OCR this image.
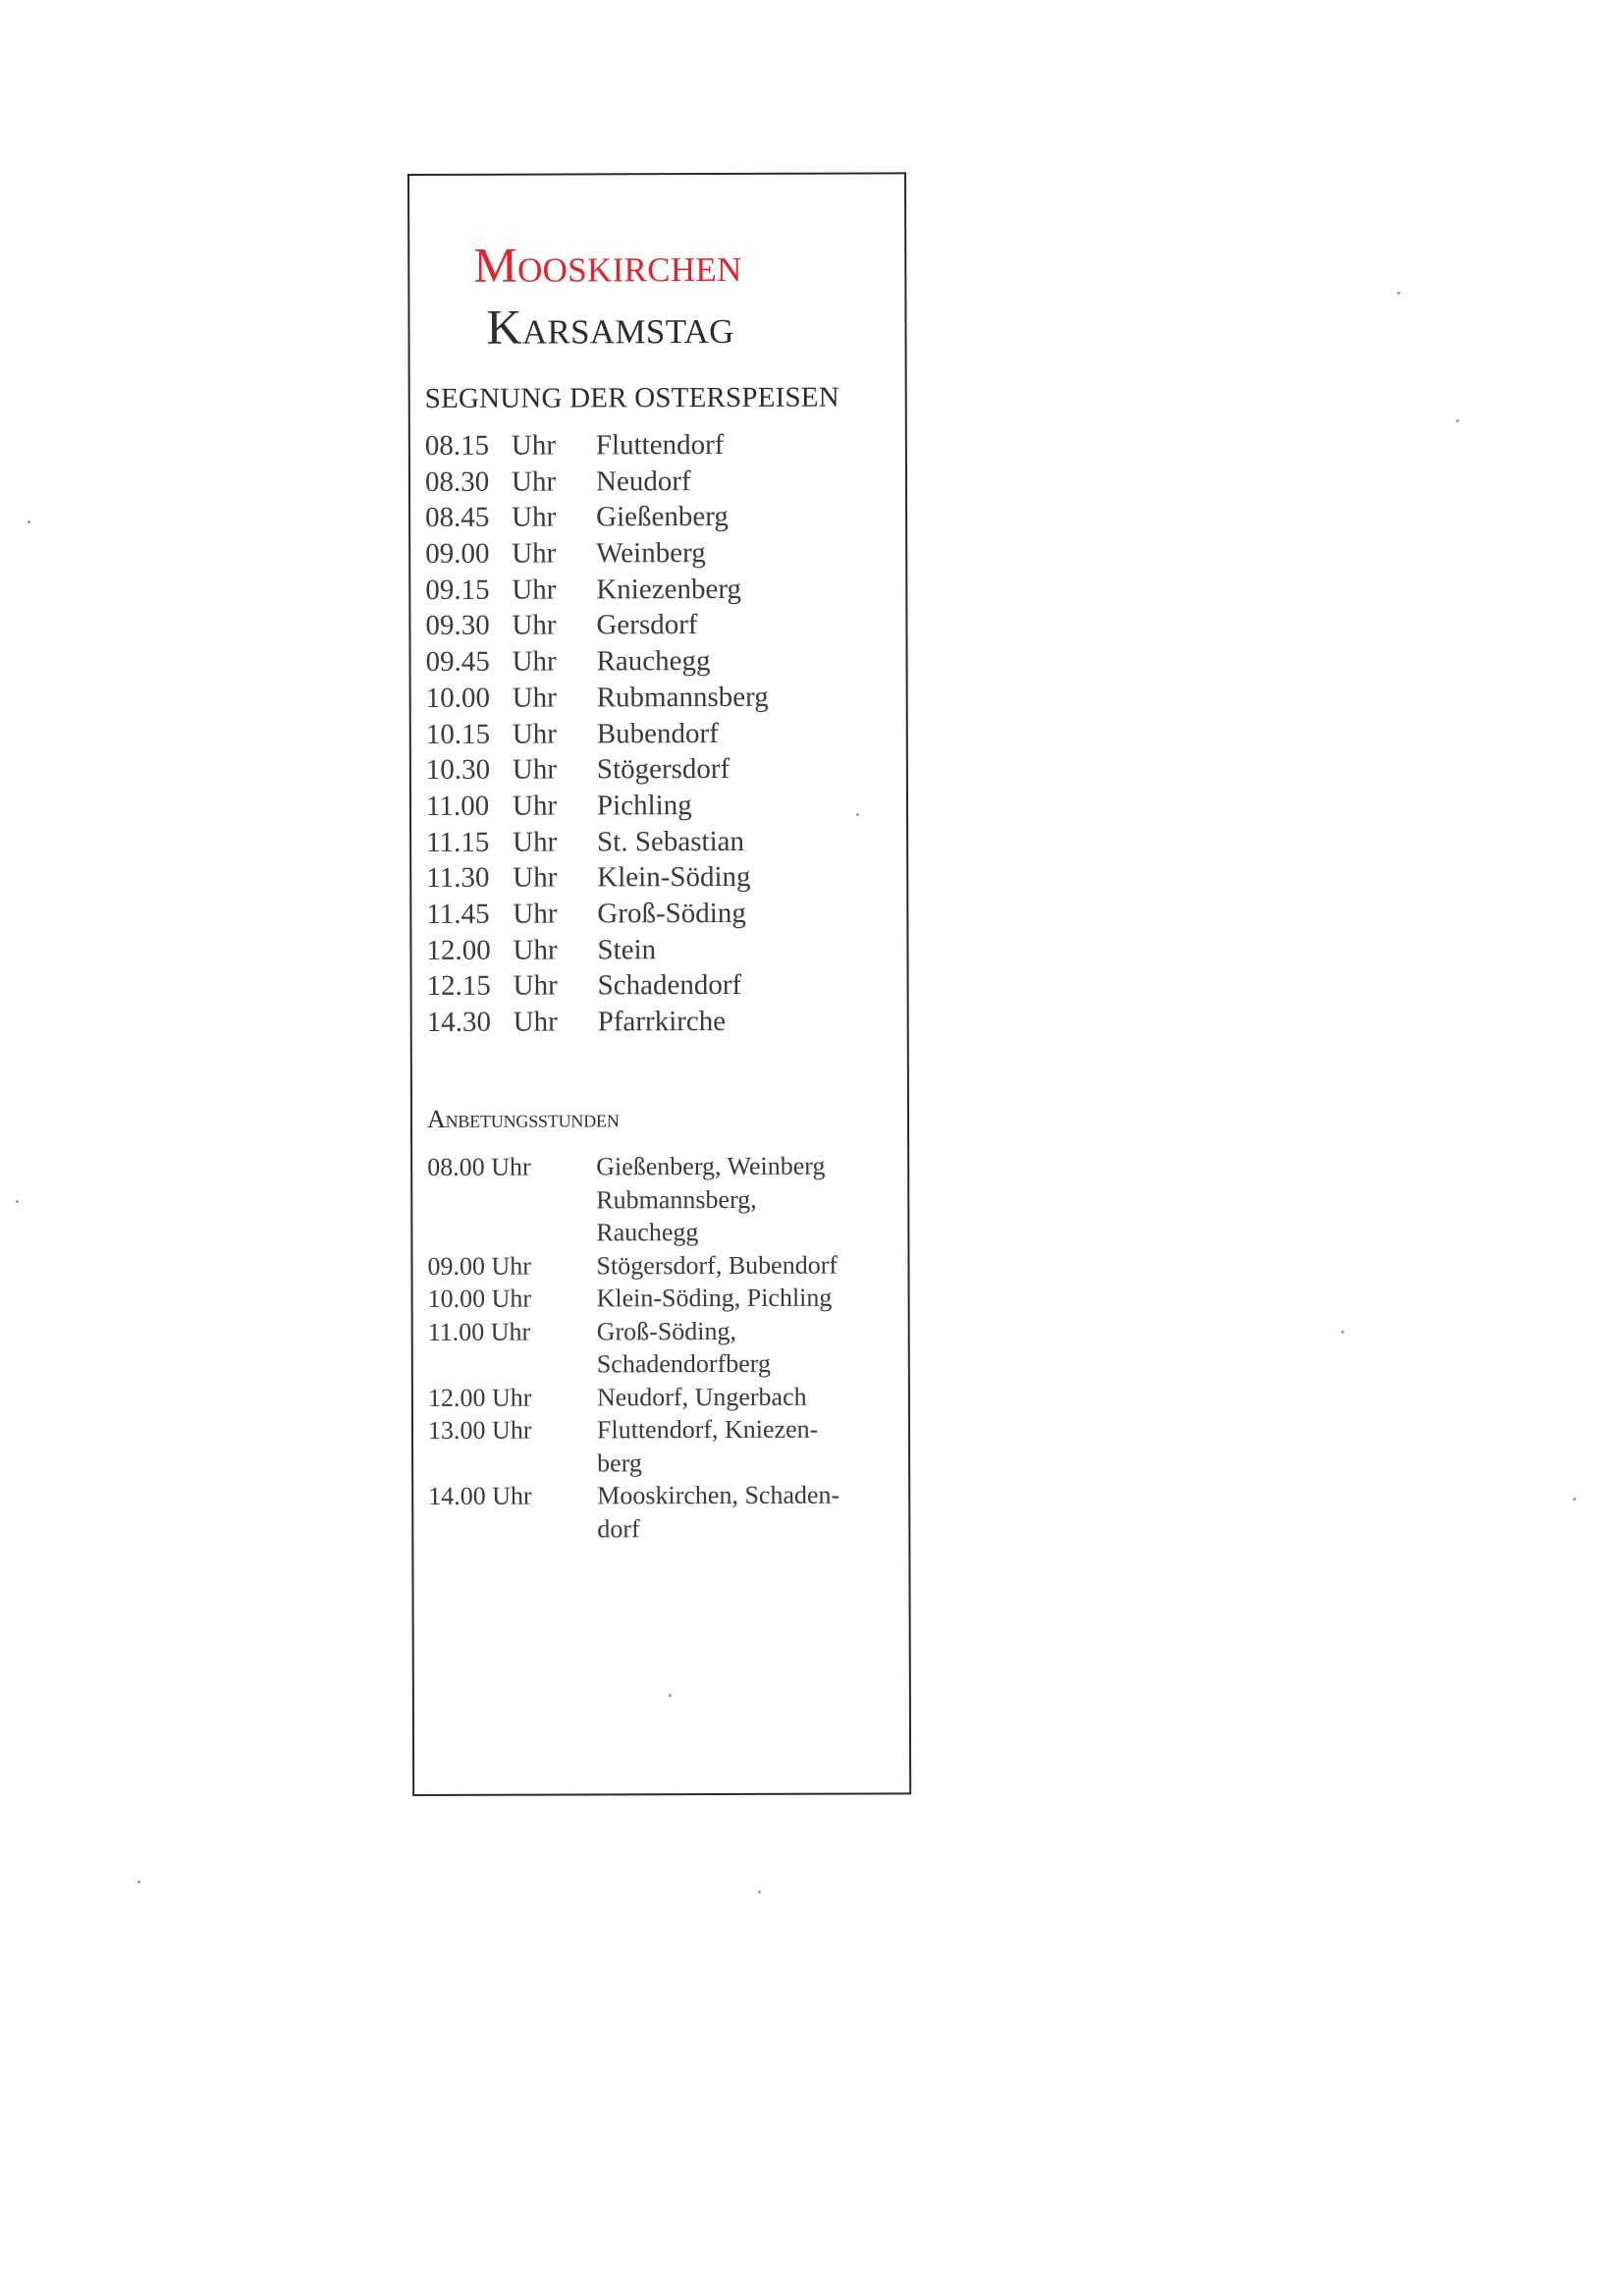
Mooskirchen
Karsamstag
SEGNUNG DER OSTERSPEISEN
08.15 Uhr Fluttendorf
08.30 Uhr Neudorf
08.45 Uhr Gießenberg
09.00 Uhr Weinberg
09.15 Uhr Kniezenberg
09.30 Uhr Gersdorf
09.45 Uhr Rauchegg
10.00 Uhr Rubmannsberg
10.15 Uhr Bubendorf
10.30 Uhr Stögersdorf
11.00 Uhr Pichling
11.15 Uhr St. Sebastian
11.30 Uhr Klein-Söding
11.45 Uhr Groß-Söding
12.00 Uhr Stein
12.15 Uhr Schadendorf
14.30 Uhr Pfarrkirche
Anbetungsstunden
08.00 Uhr	Gießenberg, Weinberg
Rubmannsberg,
Rauchegg
09.00 Uhr	Stögersdorf, Bubendorf
10.00 Uhr	Klein-Söding, Pichling
11.00 Uhr	Groß-Söding,
Schadendorfberg
12.00 Uhr	Neudorf, Ungerbach
13.00 Uhr	Fluttendorf, Kniezen-
berg
14.00 Uhr	Mooskirchen, Schaden-
dorf
